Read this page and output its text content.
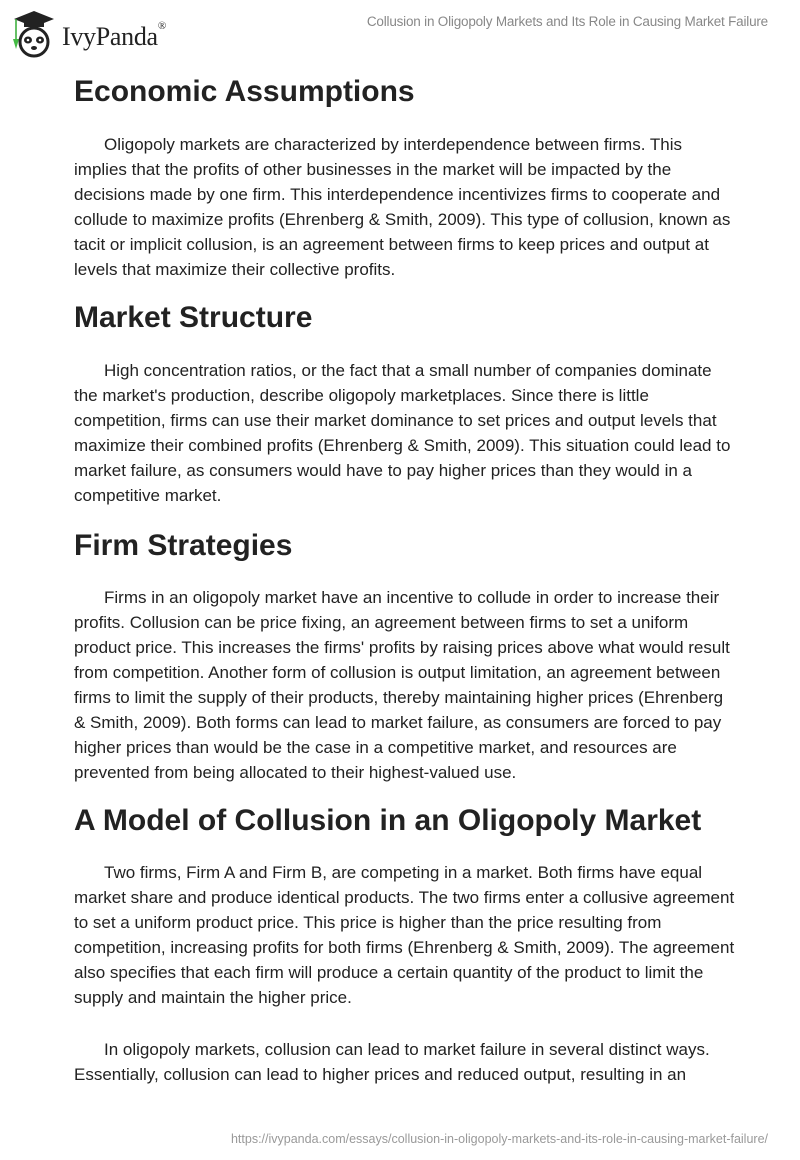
IvyPanda®	Collusion in Oligopoly Markets and Its Role in Causing Market Failure
Economic Assumptions
Oligopoly markets are characterized by interdependence between firms. This
implies that the profits of other businesses in the market will be impacted by the
decisions made by one firm. This interdependence incentivizes firms to cooperate and
collude to maximize profits (Ehrenberg & Smith, 2009). This type of collusion, known as
tacit or implicit collusion, is an agreement between firms to keep prices and output at
levels that maximize their collective profits.
Market Structure
High concentration ratios, or the fact that a small number of companies dominate
the market's production, describe oligopoly marketplaces. Since there is little
competition, firms can use their market dominance to set prices and output levels that
maximize their combined profits (Ehrenberg & Smith, 2009). This situation could lead to
market failure, as consumers would have to pay higher prices than they would in a
competitive market.
Firm Strategies
Firms in an oligopoly market have an incentive to collude in order to increase their
profits. Collusion can be price fixing, an agreement between firms to set a uniform
product price. This increases the firms' profits by raising prices above what would result
from competition. Another form of collusion is output limitation, an agreement between
firms to limit the supply of their products, thereby maintaining higher prices (Ehrenberg
& Smith, 2009). Both forms can lead to market failure, as consumers are forced to pay
higher prices than would be the case in a competitive market, and resources are
prevented from being allocated to their highest-valued use.
A Model of Collusion in an Oligopoly Market
Two firms, Firm A and Firm B, are competing in a market. Both firms have equal
market share and produce identical products. The two firms enter a collusive agreement
to set a uniform product price. This price is higher than the price resulting from
competition, increasing profits for both firms (Ehrenberg & Smith, 2009). The agreement
also specifies that each firm will produce a certain quantity of the product to limit the
supply and maintain the higher price.
In oligopoly markets, collusion can lead to market failure in several distinct ways.
Essentially, collusion can lead to higher prices and reduced output, resulting in an
https://ivypanda.com/essays/collusion-in-oligopoly-markets-and-its-role-in-causing-market-failure/
